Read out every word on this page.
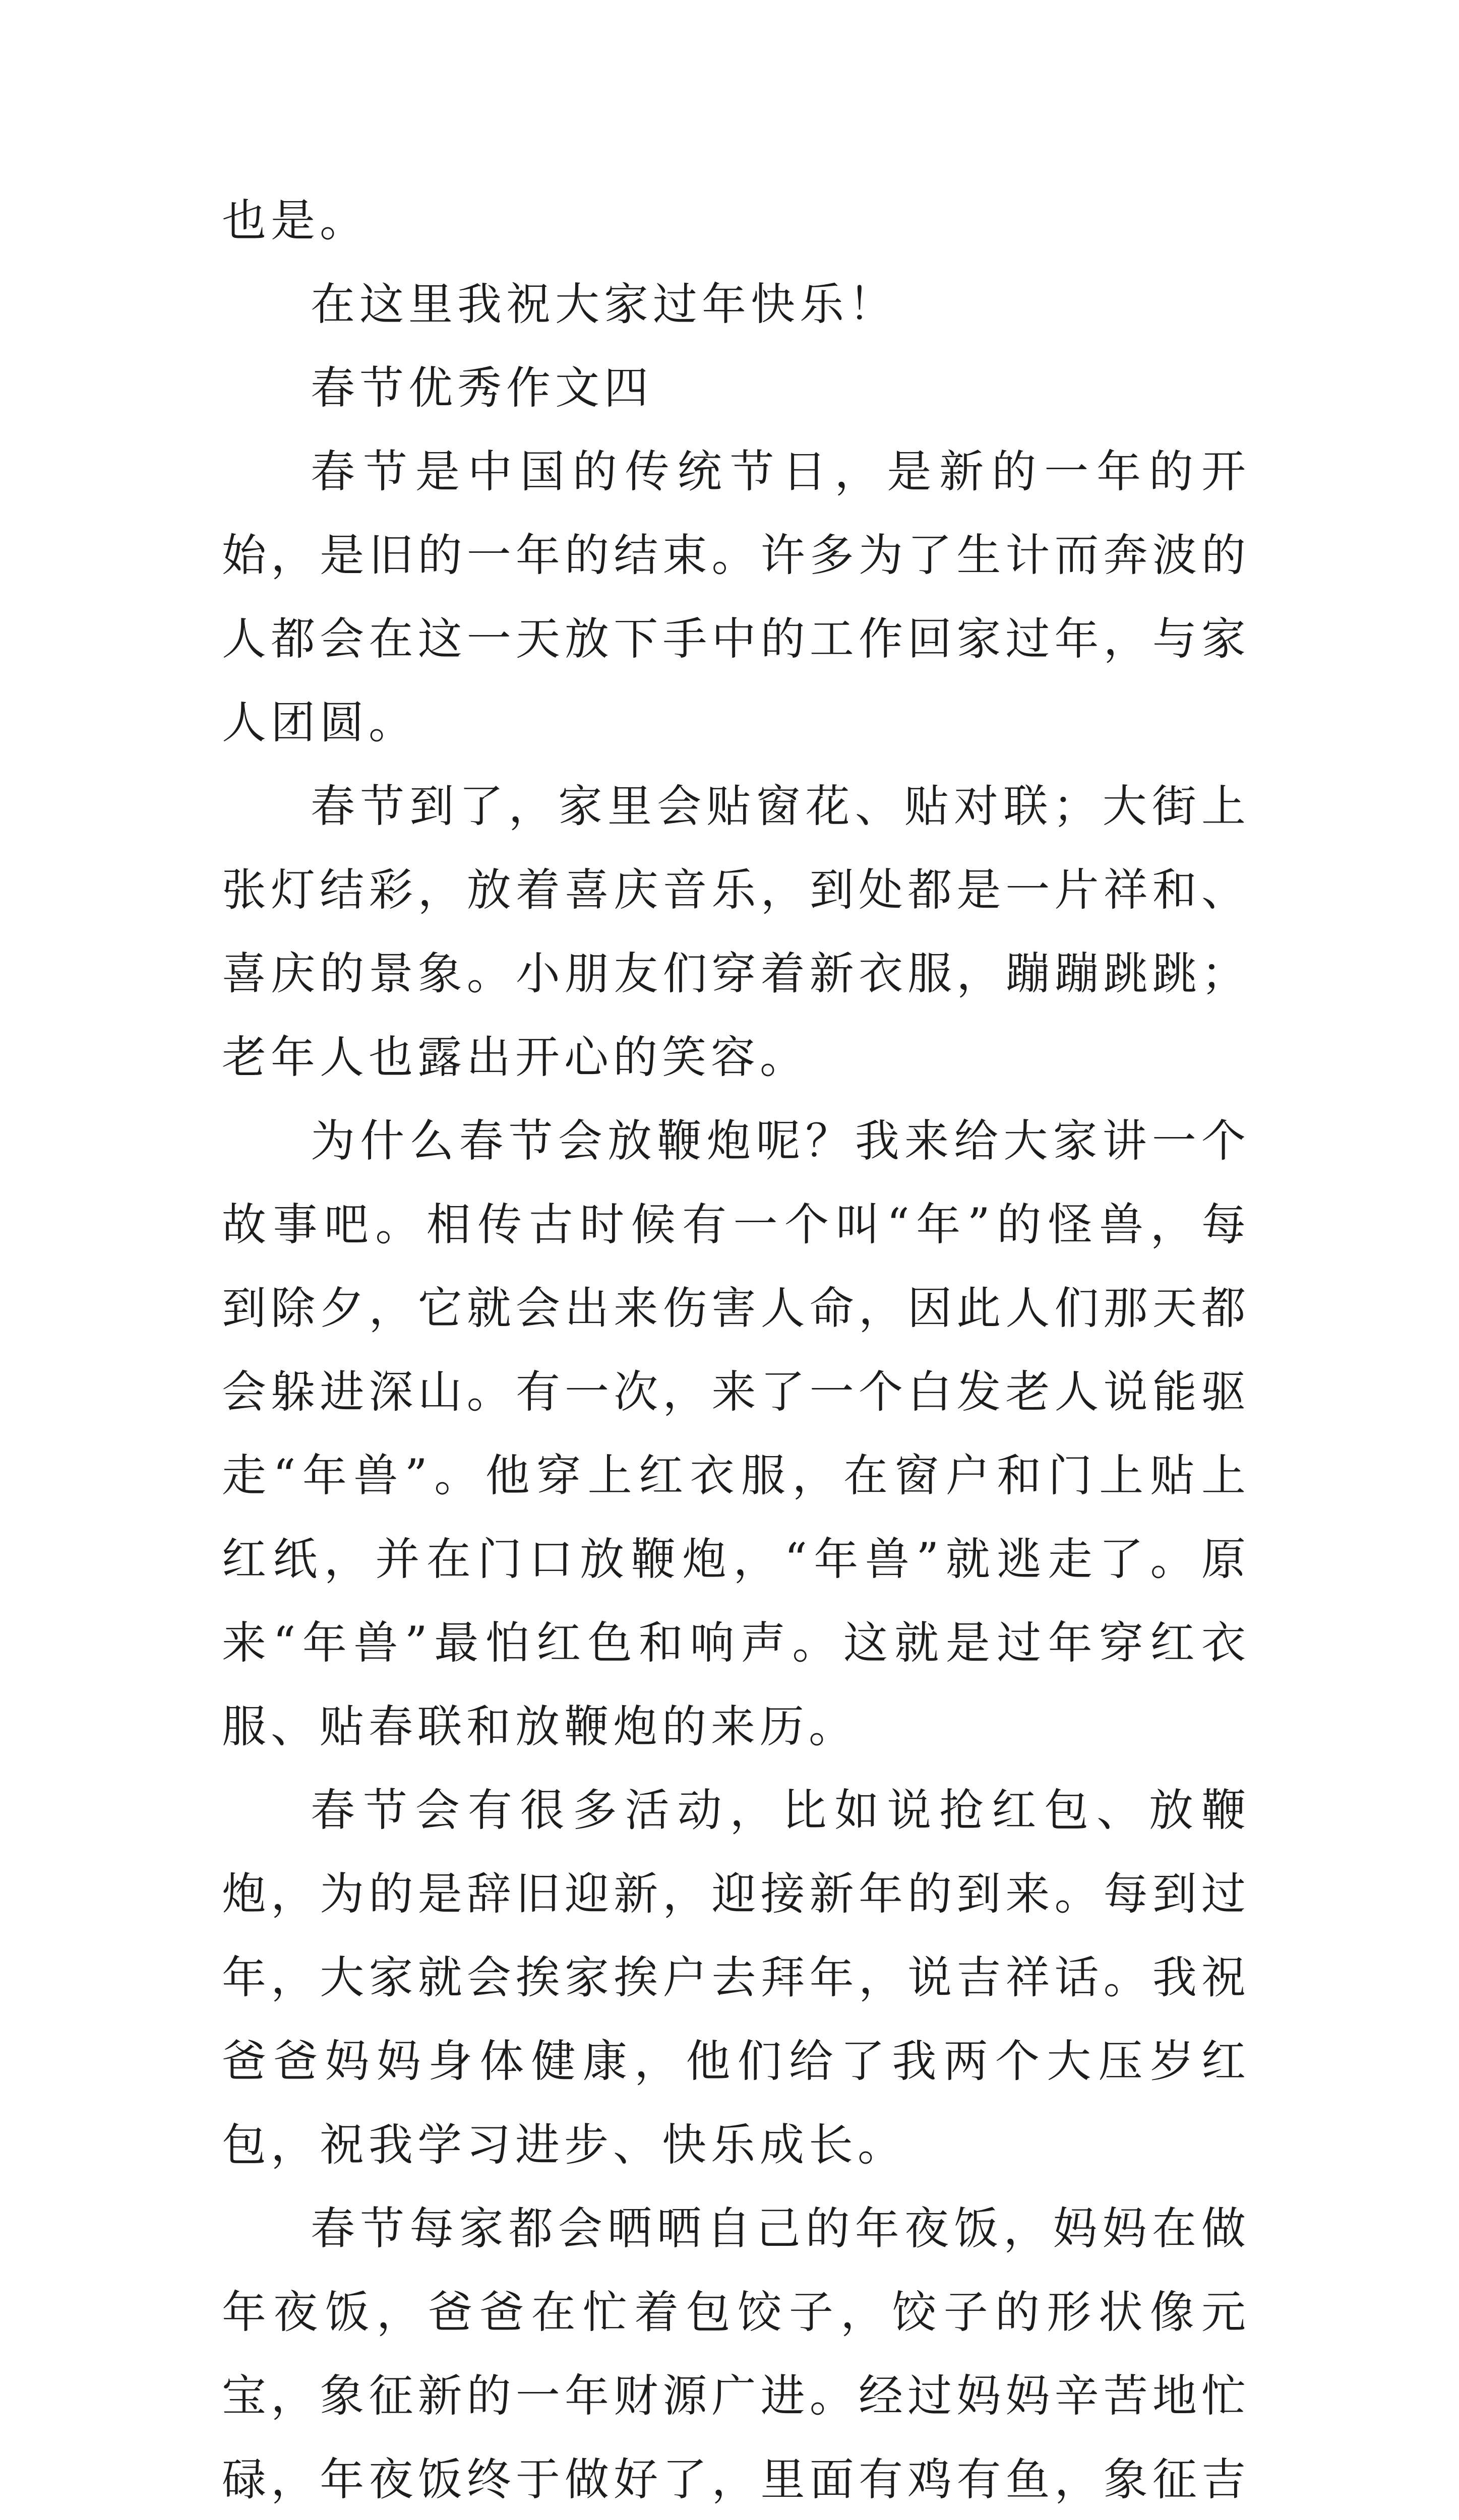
也是。

在这里我祝大家过年快乐！

春节优秀作文四

春节是中国的传统节日，是新的一年的开始，是旧的一年的结束。许多为了生计而奔波的人都会在这一天放下手中的工作回家过年，与家人团圆。

春节到了，家里会贴窗花、贴对联；大街上张灯结彩，放着喜庆音乐，到处都是一片祥和、喜庆的景象。小朋友们穿着新衣服，蹦蹦跳跳；老年人也露出开心的笑容。

为什么春节会放鞭炮呢？我来给大家讲一个故事吧。相传古时候有一个叫“年”的怪兽，每到除夕，它就会出来伤害人命，因此人们那天都会躲进深山。有一次，来了一个白发老人说能驱走“年兽”。他穿上红衣服，在窗户和门上贴上红纸，并在门口放鞭炮，“年兽”就逃走了。原来“年兽”最怕红色和响声。这就是过年穿红衣服、贴春联和放鞭炮的来历。

春节会有很多活动，比如说抢红包、放鞭炮，为的是辞旧迎新，迎接新年的到来。每到过年，大家就会挨家挨户去拜年，说吉祥话。我祝爸爸妈妈身体健康，他们给了我两个大压岁红包，祝我学习进步、快乐成长。

春节每家都会晒晒自己的年夜饭，妈妈在做年夜饭，爸爸在忙着包饺子，饺子的形状像元宝，象征新的一年财源广进。经过妈妈辛苦地忙碌，年夜饭终于做好了，里面有鸡有鱼，象征吉
